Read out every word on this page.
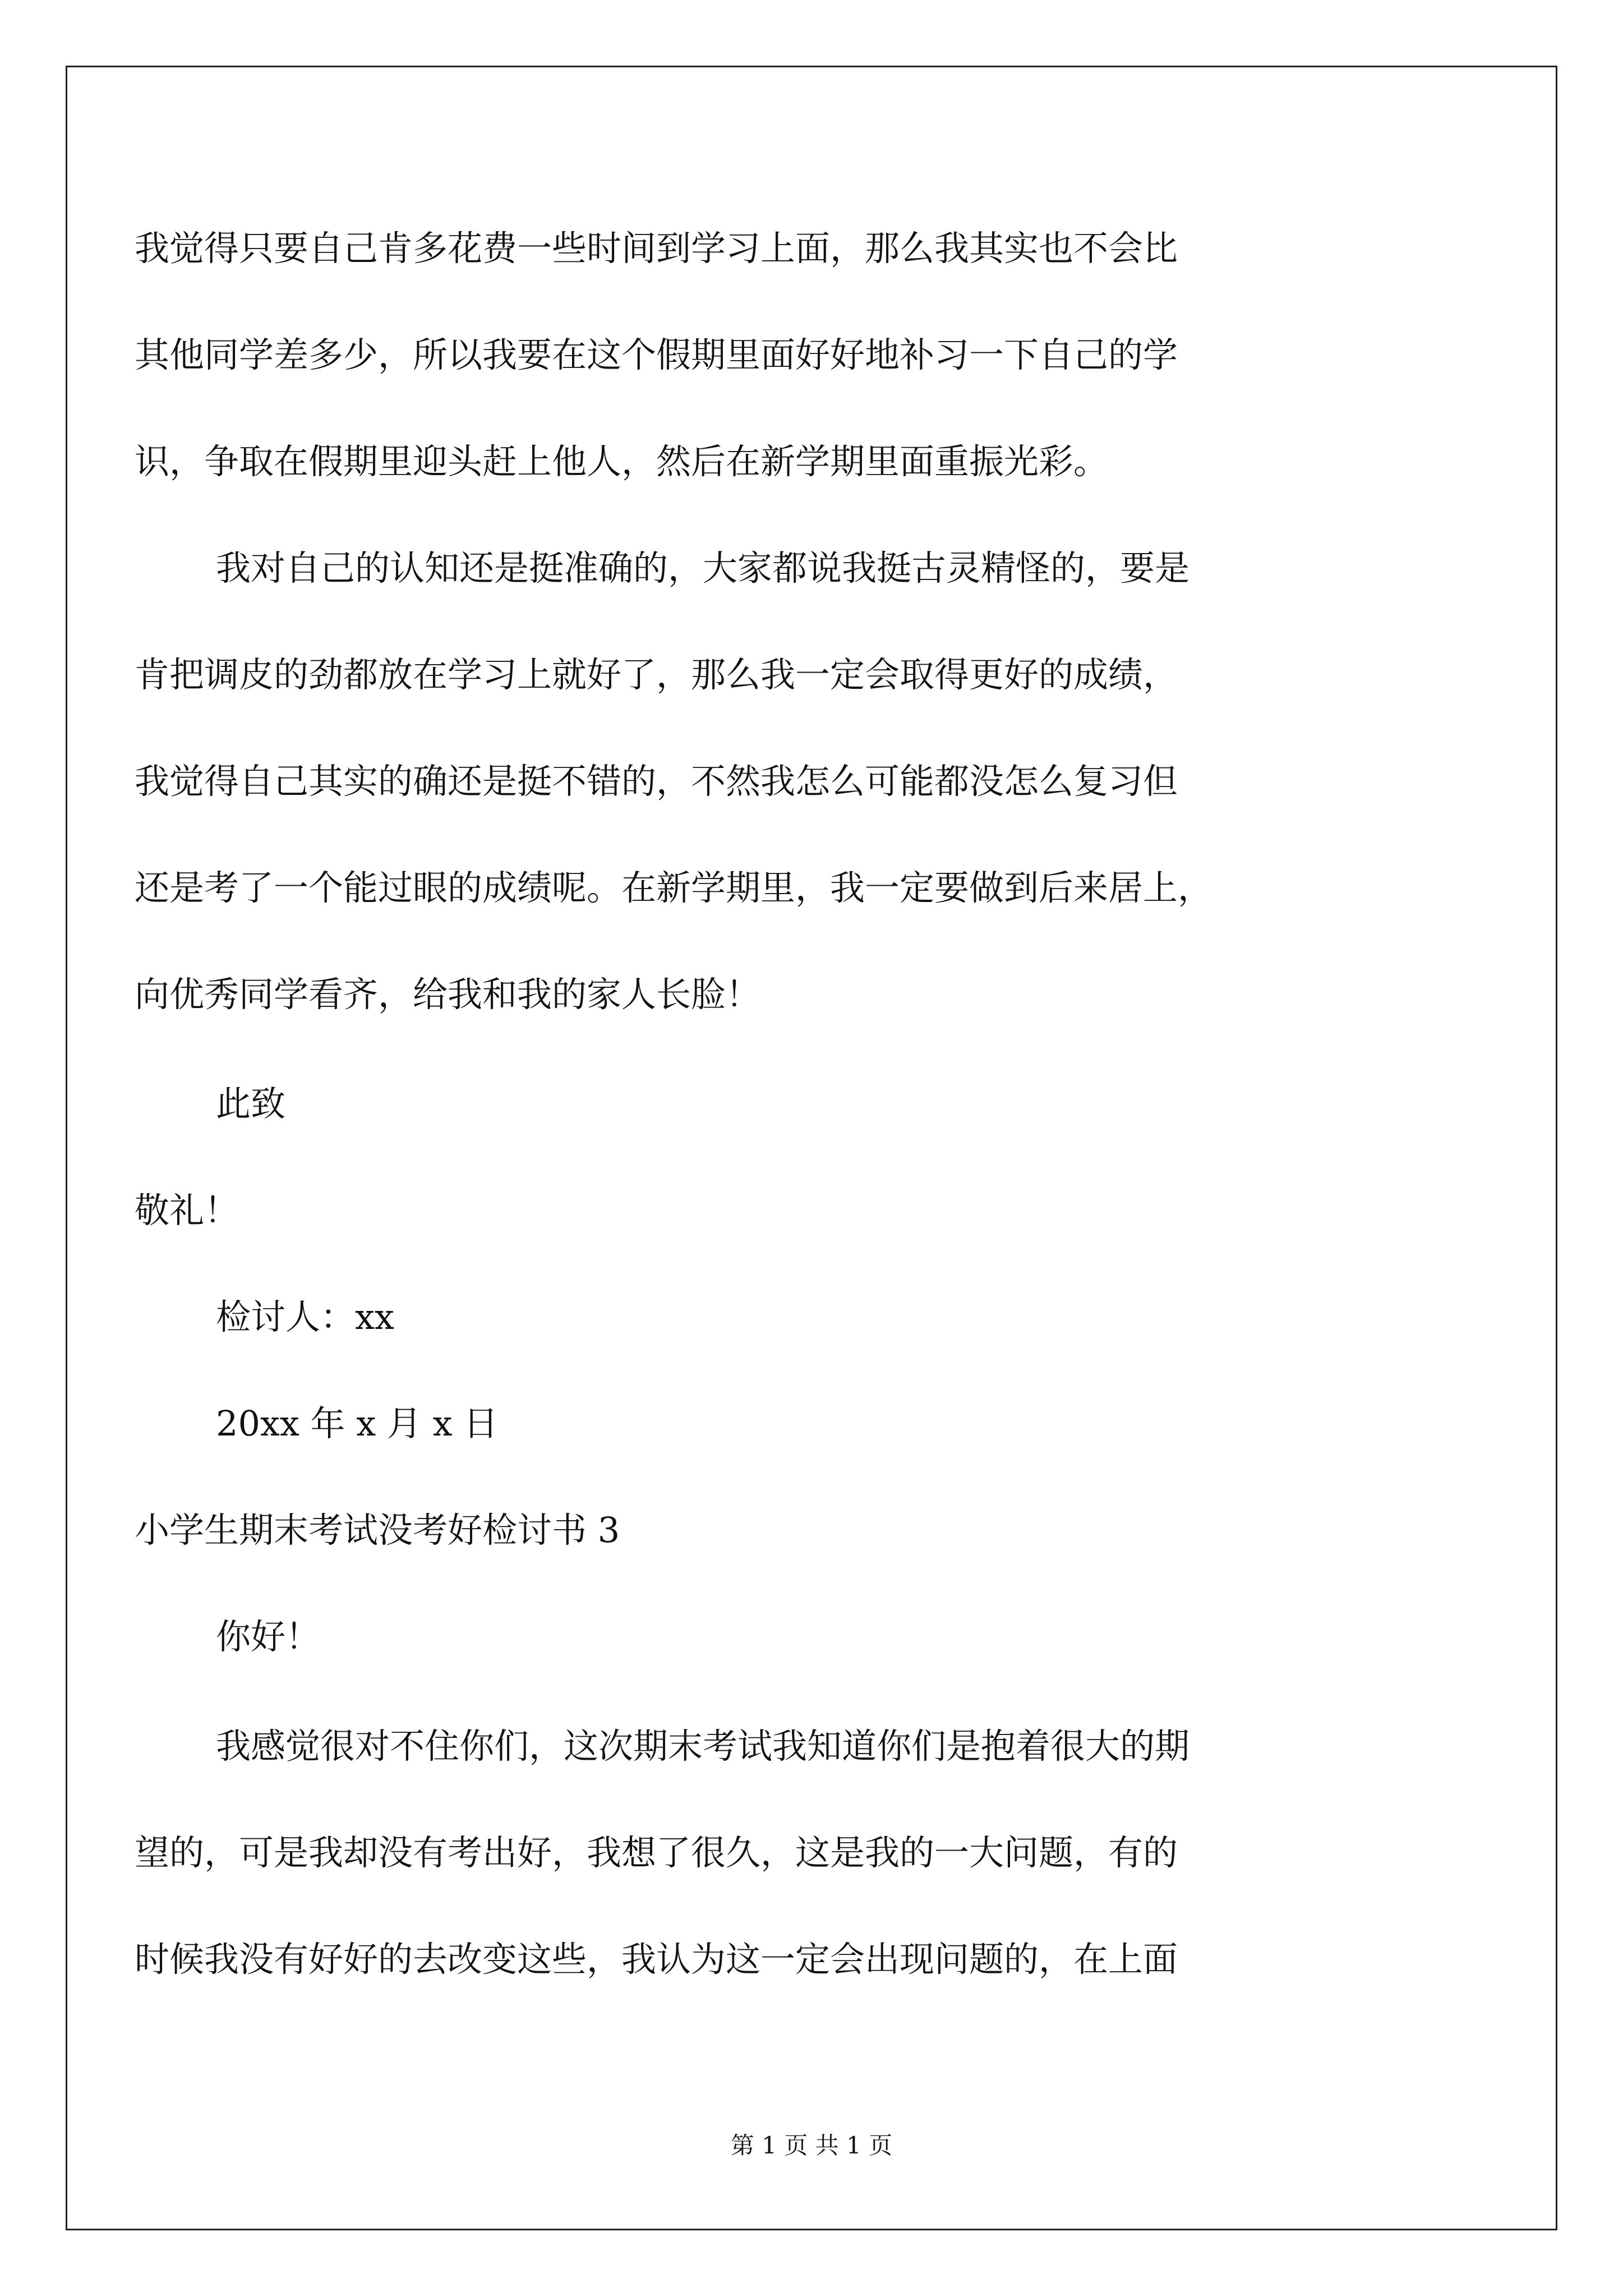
我觉得只要自己肯多花费一些时间到学习上面，那么我其实也不会比
其他同学差多少，所以我要在这个假期里面好好地补习一下自己的学
识，争取在假期里迎头赶上他人，然后在新学期里面重振光彩。
我对自己的认知还是挺准确的，大家都说我挺古灵精怪的，要是
肯把调皮的劲都放在学习上就好了，那么我一定会取得更好的成绩，
我觉得自己其实的确还是挺不错的，不然我怎么可能都没怎么复习但
还是考了一个能过眼的成绩呢。在新学期里，我一定要做到后来居上，
向优秀同学看齐，给我和我的家人长脸！
此致
敬礼！
检讨人：xx
20xx 年 x 月 x 日
小学生期末考试没考好检讨书 3
你好！
我感觉很对不住你们，这次期末考试我知道你们是抱着很大的期
望的，可是我却没有考出好，我想了很久，这是我的一大问题，有的
时候我没有好好的去改变这些，我认为这一定会出现问题的，在上面
第 1 页 共 1 页
